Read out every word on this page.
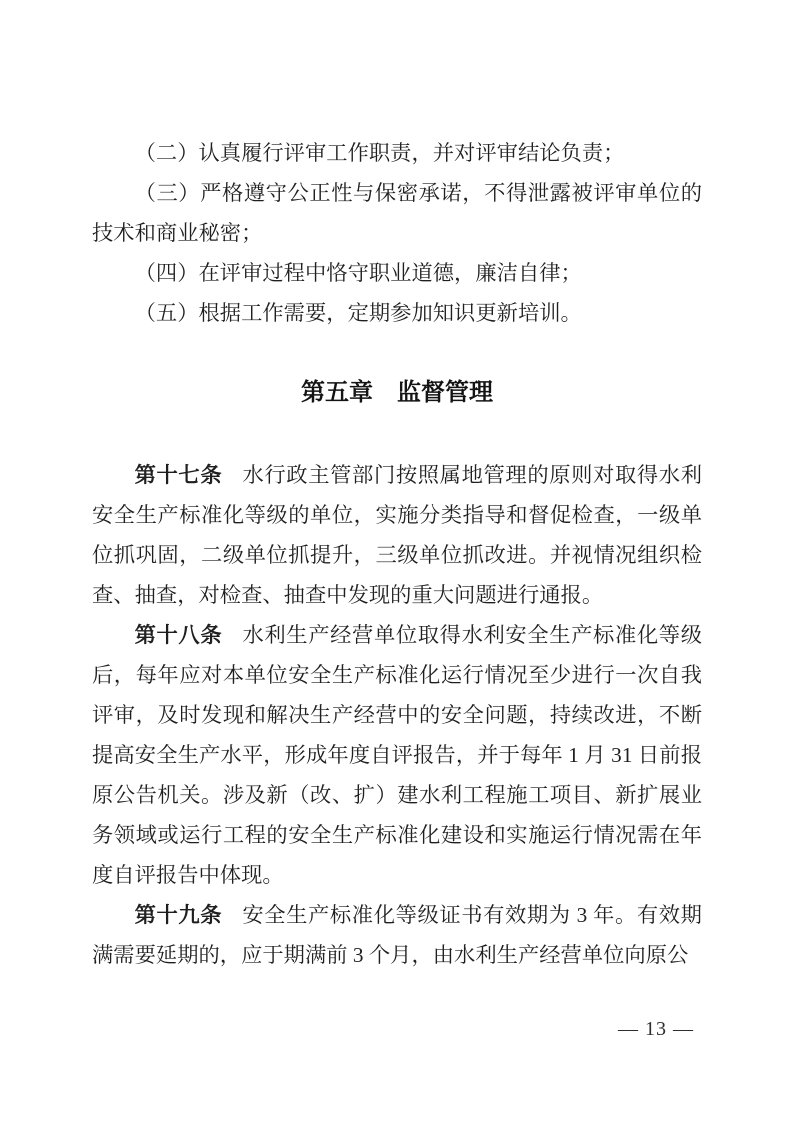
（二）认真履行评审工作职责，并对评审结论负责；

（三）严格遵守公正性与保密承诺，不得泄露被评审单位的技术和商业秘密；

（四）在评审过程中恪守职业道德，廉洁自律；

（五）根据工作需要，定期参加知识更新培训。

第五章　监督管理

第十七条 水行政主管部门按照属地管理的原则对取得水利安全生产标准化等级的单位，实施分类指导和督促检查，一级单位抓巩固，二级单位抓提升，三级单位抓改进。并视情况组织检查、抽查，对检查、抽查中发现的重大问题进行通报。

第十八条 水利生产经营单位取得水利安全生产标准化等级后，每年应对本单位安全生产标准化运行情况至少进行一次自我评审，及时发现和解决生产经营中的安全问题，持续改进，不断提高安全生产水平，形成年度自评报告，并于每年 1 月 31 日前报原公告机关。涉及新（改、扩）建水利工程施工项目、新扩展业务领域或运行工程的安全生产标准化建设和实施运行情况需在年度自评报告中体现。

第十九条 安全生产标准化等级证书有效期为 3 年。有效期满需要延期的，应于期满前 3 个月，由水利生产经营单位向原公

— 13 —
